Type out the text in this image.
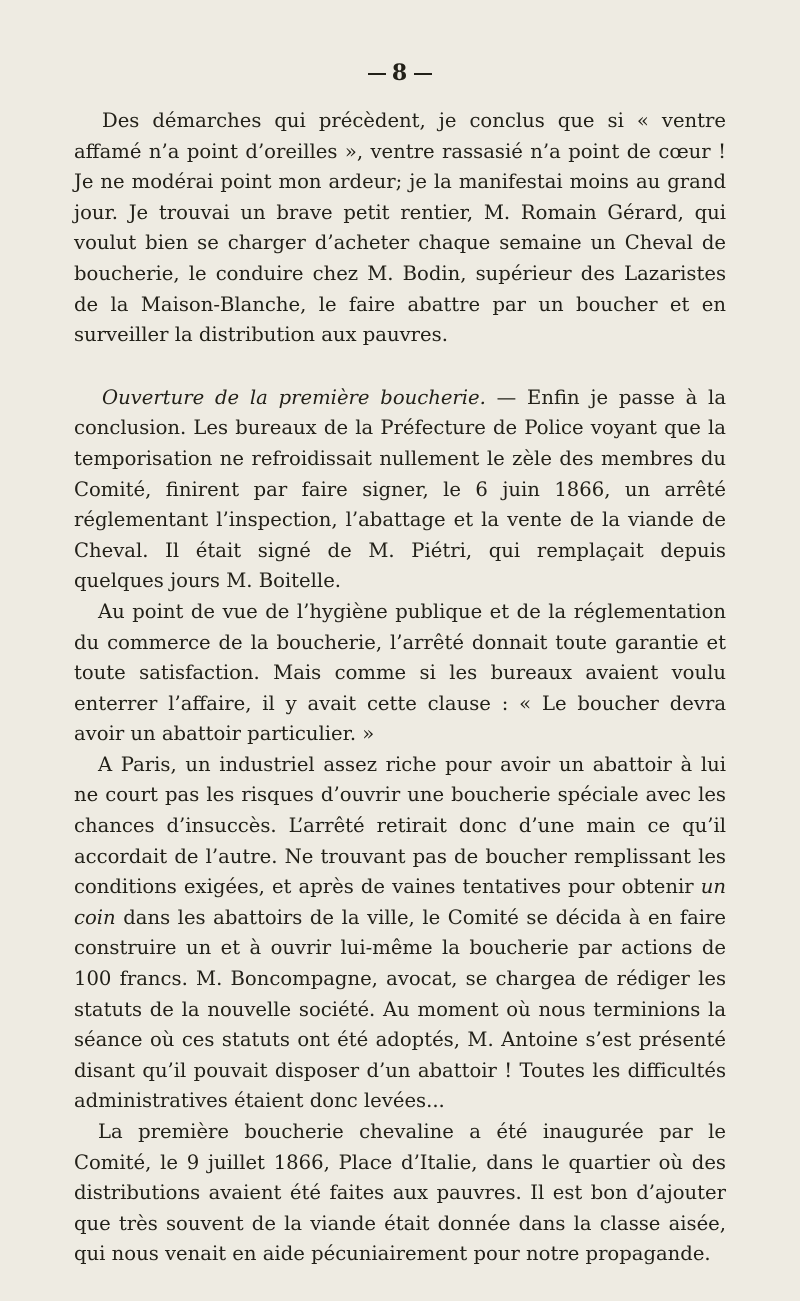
8

Des démarches qui précèdent, je conclus que si « ventre affamé n’a point d’oreilles », ventre rassasié n’a point de cœur ! Je ne modérai point mon ardeur; je la manifestai moins au grand jour. Je trouvai un brave petit rentier, M. Romain Gérard, qui voulut bien se charger d’acheter chaque semaine un Cheval de boucherie, le conduire chez M. Bodin, supérieur des Lazaristes de la Maison-Blanche, le faire abattre par un boucher et en surveiller la distribution aux pauvres.

Ouverture de la première boucherie. — Enfin je passe à la conclusion. Les bureaux de la Préfecture de Police voyant que la temporisation ne refroidissait nullement le zèle des membres du Comité, finirent par faire signer, le 6 juin 1866, un arrêté réglementant l’inspection, l’abattage et la vente de la viande de Cheval. Il était signé de M. Piétri, qui remplaçait depuis quelques jours M. Boitelle.

Au point de vue de l’hygiène publique et de la réglementation du commerce de la boucherie, l’arrêté donnait toute garantie et toute satisfaction. Mais comme si les bureaux avaient voulu enterrer l’affaire, il y avait cette clause : « Le boucher devra avoir un abattoir particulier. »

A Paris, un industriel assez riche pour avoir un abattoir à lui ne court pas les risques d’ouvrir une boucherie spéciale avec les chances d’insuccès. L’arrêté retirait donc d’une main ce qu’il accordait de l’autre. Ne trouvant pas de boucher remplissant les conditions exigées, et après de vaines tentatives pour obtenir un coin dans les abattoirs de la ville, le Comité se décida à en faire construire un et à ouvrir lui-même la boucherie par actions de 100 francs. M. Boncompagne, avocat, se chargea de rédiger les statuts de la nouvelle société. Au moment où nous terminions la séance où ces statuts ont été adoptés, M. Antoine s’est présenté disant qu’il pouvait disposer d’un abattoir ! Toutes les difficultés administratives étaient donc levées...

La première boucherie chevaline a été inaugurée par le Comité, le 9 juillet 1866, Place d’Italie, dans le quartier où des distributions avaient été faites aux pauvres. Il est bon d’ajouter que très souvent de la viande était donnée dans la classe aisée, qui nous venait en aide pécuniairement pour notre propagande.
